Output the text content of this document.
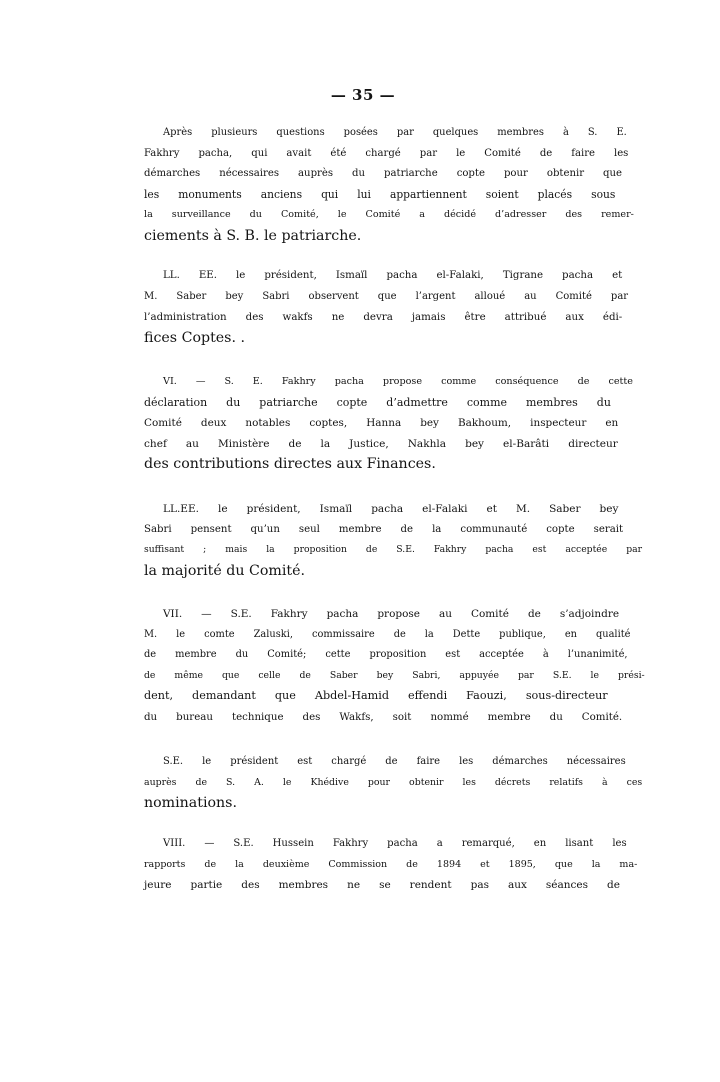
— 35 —
Après	plusieurs	questions	posées	par	quelques	membres	à	S.	E.
Fakhry	pacha,	qui	avait	été	chargé	par	le	Comité	de	faire	les
démarches	nécessaires	auprès	du	patriarche	copte	pour	obtenir	que
les	monuments	anciens	qui	lui	appartiennent	soient	placés	sous
la	surveillance	du	Comité,	le	Comité	a	décidé	d’adresser	des	remer-
ciements à S. B. le patriarche.
LL.	EE.	le	président,	Ismaïl	pacha	el-Falaki,	Tigrane	pacha	et
M.	Saber	bey	Sabri	observent	que	l’argent	alloué	au	Comité	par
l’administration	des	wakfs	ne	devra	jamais	être	attribué	aux	édi-
fices Coptes. .
VI.	—	S.	E.	Fakhry	pacha	propose	comme	conséquence	de	cette
déclaration	du	patriarche	copte	d’admettre	comme	membres	du
Comité	deux	notables	coptes,	Hanna	bey	Bakhoum,	inspecteur	en
chef	au	Ministère	de	la	Justice,	Nakhla	bey	el-Barâti	directeur
des contributions directes aux Finances.
LL.EE.	le	président,	Ismaïl	pacha	el-Falaki	et	M.	Saber	bey
Sabri	pensent	qu’un	seul	membre	de	la	communauté	copte	serait
suffisant	;	mais	la	proposition	de	S.E.	Fakhry	pacha	est	acceptée	par
la majorité du Comité.
VII.	—	S.E.	Fakhry	pacha	propose	au	Comité	de	s’adjoindre
M.	le	comte	Zaluski,	commissaire	de	la	Dette	publique,	en	qualité
de	membre	du	Comité;	cette	proposition	est	acceptée	à	l’unanimité,
de	même	que	celle	de	Saber	bey	Sabri,	appuyée	par	S.E.	le	prési-
dent,	demandant	que	Abdel-Hamid	effendi	Faouzi,	sous-directeur
du	bureau	technique	des	Wakfs,	soit	nommé	membre	du	Comité.
S.E.	le	président	est	chargé	de	faire	les	démarches	nécessaires
auprès	de	S.	A.	le	Khédive	pour	obtenir	les	décrets	relatifs	à	ces
nominations.
VIII.	—	S.E.	Hussein	Fakhry	pacha	a	remarqué,	en	lisant	les
rapports	de	la	deuxième	Commission	de	1894	et	1895,	que	la	ma-
jeure	partie	des	membres	ne	se	rendent	pas	aux	séances	de
